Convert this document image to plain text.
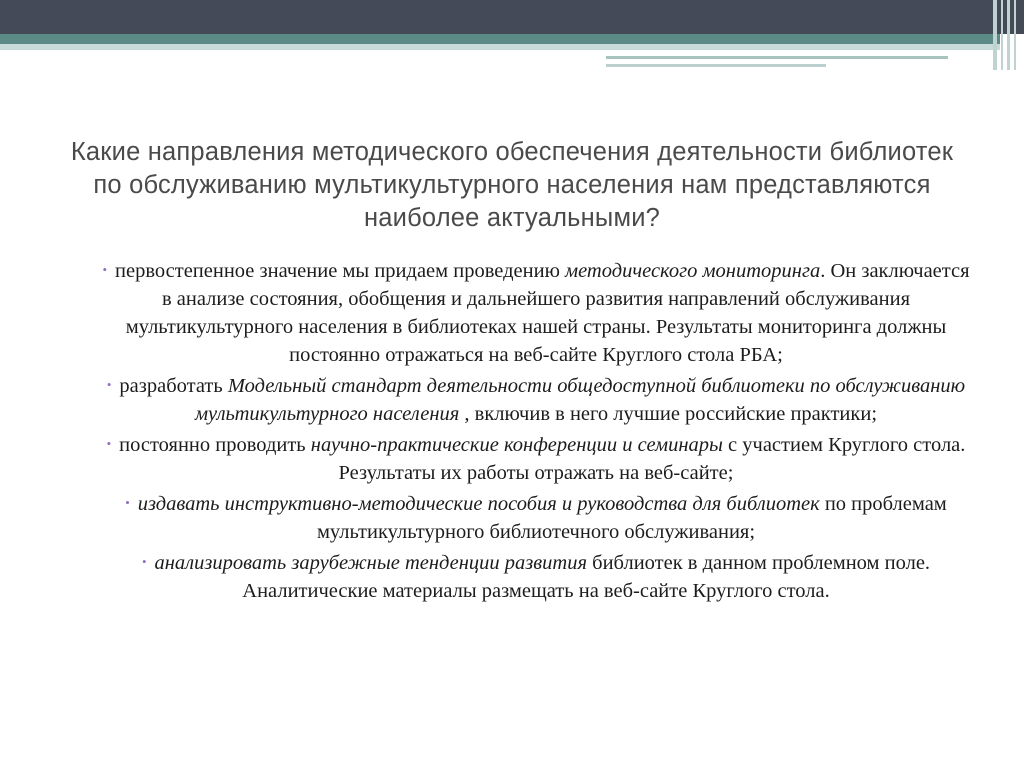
Какие направления методического обеспечения деятельности библиотек по обслуживанию мультикультурного населения нам представляются наиболее актуальными?
• первостепенное значение мы придаем проведению методического мониторинга. Он заключается в анализе состояния, обобщения и дальнейшего развития направлений обслуживания мультикультурного населения в библиотеках нашей страны. Результаты мониторинга должны постоянно отражаться на веб-сайте Круглого стола РБА;
• разработать Модельный стандарт деятельности общедоступной библиотеки по обслуживанию мультикультурного населения , включив в него лучшие российские практики;
• постоянно проводить научно-практические конференции и семинары с участием Круглого стола. Результаты их работы отражать на веб-сайте;
• издавать инструктивно-методические пособия и руководства для библиотек по проблемам мультикультурного библиотечного обслуживания;
• анализировать зарубежные тенденции развития библиотек в данном проблемном поле. Аналитические материалы размещать на веб-сайте Круглого стола.
